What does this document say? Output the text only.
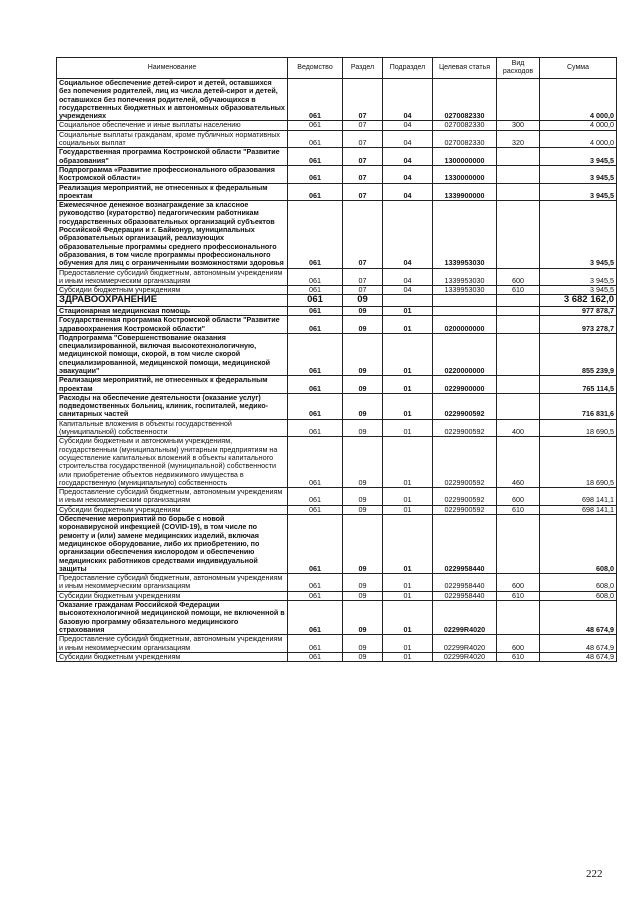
Наименование	Ведомство	Раздел	Подраздел	Целевая статья	Вид расходов	Сумма
Социальное обеспечение детей-сирот и детей, оставшихся без попечения родителей, лиц из числа детей-сирот и детей, оставшихся без попечения родителей, обучающихся в государственных бюджетных и автономных образовательных учреждениях	061	07	04	0270082330		4 000,0
Социальное обеспечение и иные выплаты населению	061	07	04	0270082330	300	4 000,0
Социальные выплаты гражданам, кроме публичных нормативных социальных выплат	061	07	04	0270082330	320	4 000,0
Государственная программа Костромской области "Развитие образования"	061	07	04	1300000000		3 945,5
Подпрограмма «Развитие профессионального образования Костромской области»	061	07	04	1330000000		3 945,5
Реализация мероприятий, не отнесенных к федеральным проектам	061	07	04	1339900000		3 945,5
Ежемесячное денежное вознаграждение за классное руководство (кураторство) педагогическим работникам государственных образовательных организаций субъектов Российской Федерации и г. Байконур, муниципальных образовательных организаций, реализующих образовательные программы среднего профессионального образования, в том числе программы профессионального обучения для лиц с ограниченными возможностями здоровья	061	07	04	1339953030		3 945,5
Предоставление субсидий бюджетным, автономным учреждениям и иным некоммерческим организациям	061	07	04	1339953030	600	3 945,5
Субсидии бюджетным учреждениям	061	07	04	1339953030	610	3 945,5
ЗДРАВООХРАНЕНИЕ	061	09				3 682 162,0
Стационарная медицинская помощь	061	09	01			977 878,7
Государственная программа Костромской области "Развитие здравоохранения Костромской области"	061	09	01	0200000000		973 278,7
Подпрограмма "Совершенствование оказания специализированной, включая высокотехнологичную, медицинской помощи, скорой, в том числе скорой специализированной, медицинской помощи, медицинской эвакуации"	061	09	01	0220000000		855 239,9
Реализация мероприятий, не отнесенных к федеральным проектам	061	09	01	0229900000		765 114,5
Расходы на обеспечение деятельности (оказание услуг) подведомственных больниц, клиник, госпиталей, медико-санитарных частей	061	09	01	0229900592		716 831,6
Капитальные вложения в объекты государственной (муниципальной) собственности	061	09	01	0229900592	400	18 690,5
Субсидии бюджетным и автономным учреждениям, государственным (муниципальным) унитарным предприятиям на осуществление капитальных вложений в объекты капитального строительства государственной (муниципальной) собственности или приобретение объектов недвижимого имущества в государственную (муниципальную) собственность	061	09	01	0229900592	460	18 690,5
Предоставление субсидий бюджетным, автономным учреждениям и иным некоммерческим организациям	061	09	01	0229900592	600	698 141,1
Субсидии бюджетным учреждениям	061	09	01	0229900592	610	698 141,1
Обеспечение мероприятий по борьбе с новой коронавирусной инфекцией (COVID-19), в том числе по ремонту и (или) замене медицинских изделий, включая медицинское оборудование, либо их приобретению, по организации обеспечения кислородом и обеспечению медицинских работников средствами индивидуальной защиты	061	09	01	0229958440		608,0
Предоставление субсидий бюджетным, автономным учреждениям и иным некоммерческим организациям	061	09	01	0229958440	600	608,0
Субсидии бюджетным учреждениям	061	09	01	0229958440	610	608,0
Оказание гражданам Российской Федерации высокотехнологичной медицинской помощи, не включенной в базовую программу обязательного медицинского страхования	061	09	01	02299R4020		48 674,9
Предоставление субсидий бюджетным, автономным учреждениям и иным некоммерческим организациям	061	09	01	02299R4020	600	48 674,9
Субсидии бюджетным учреждениям	061	09	01	02299R4020	610	48 674,9
222
